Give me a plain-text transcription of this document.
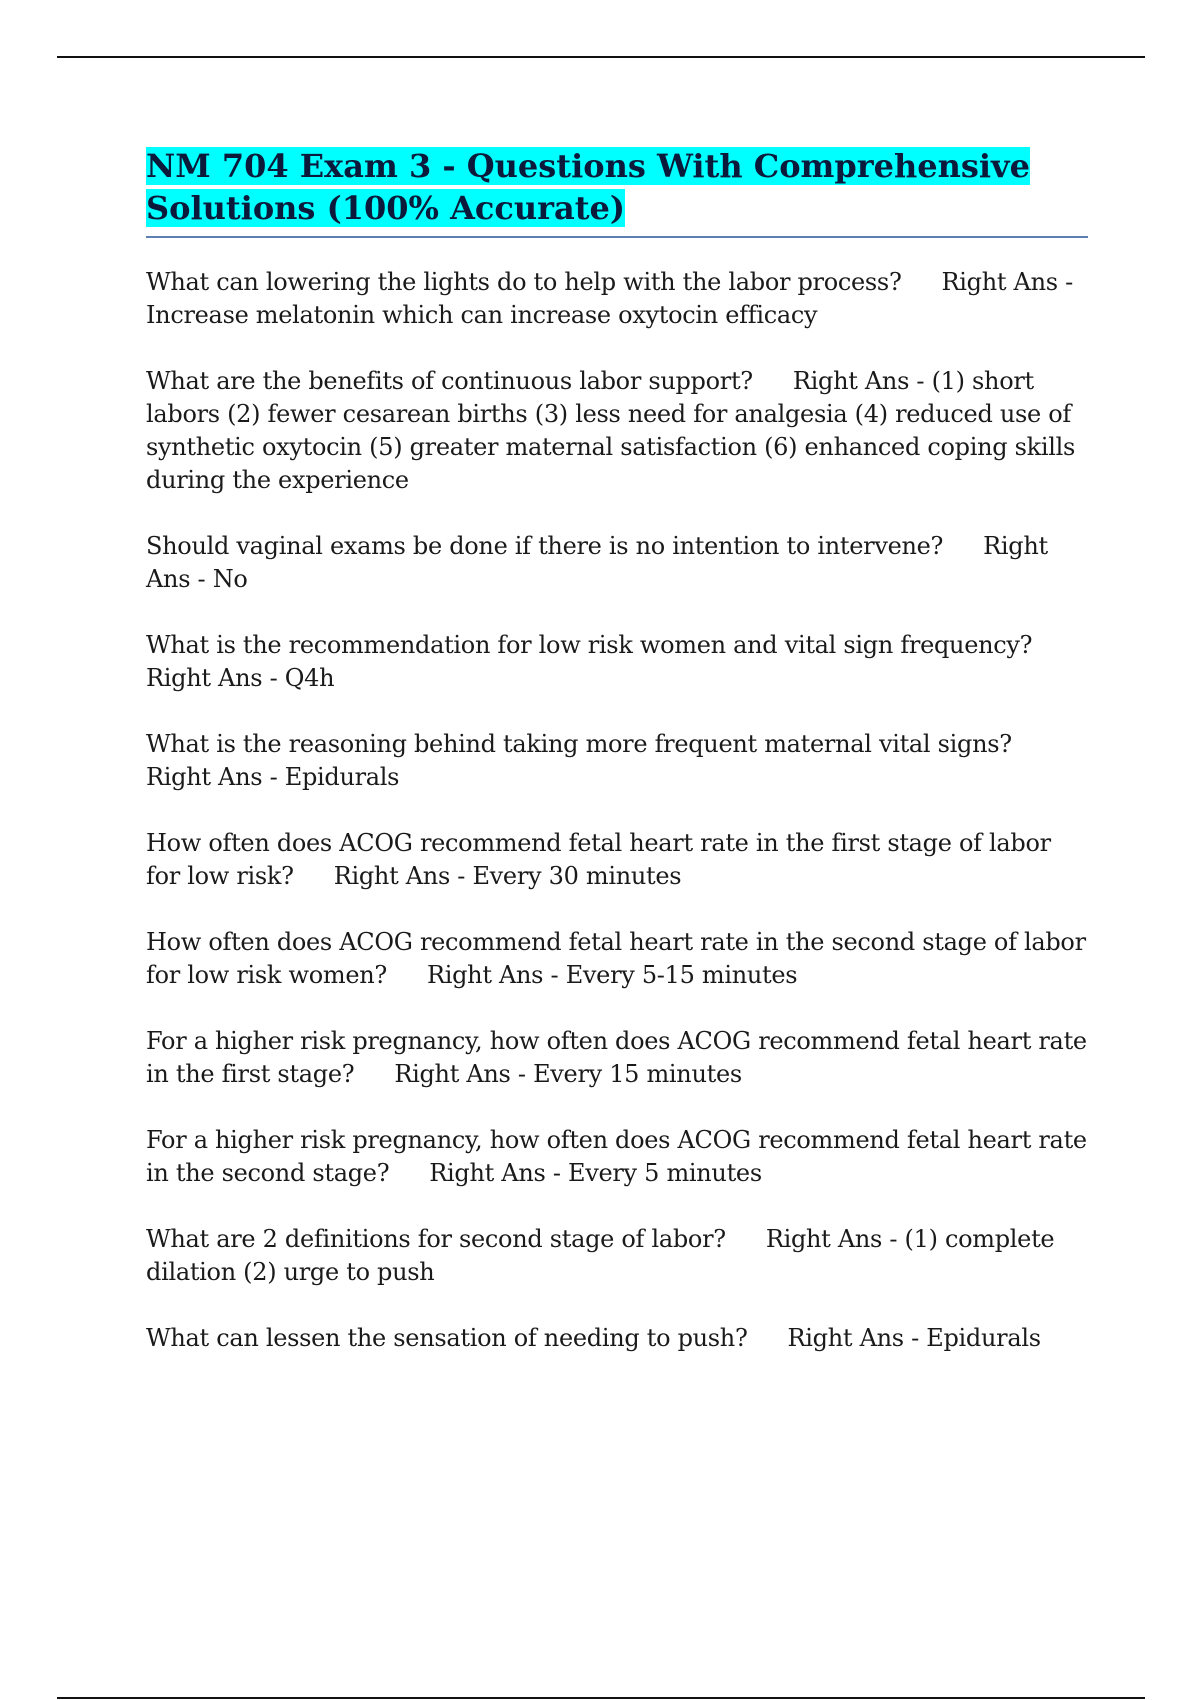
NM 704 Exam 3 - Questions With Comprehensive Solutions (100% Accurate)

What can lowering the lights do to help with the labor process? Right Ans - Increase melatonin which can increase oxytocin efficacy

What are the benefits of continuous labor support? Right Ans - (1) short labors (2) fewer cesarean births (3) less need for analgesia (4) reduced use of synthetic oxytocin (5) greater maternal satisfaction (6) enhanced coping skills during the experience

Should vaginal exams be done if there is no intention to intervene? Right Ans - No

What is the recommendation for low risk women and vital sign frequency?Right Ans - Q4h

What is the reasoning behind taking more frequent maternal vital signs?Right Ans - Epidurals

How often does ACOG recommend fetal heart rate in the first stage of labor for low risk? Right Ans - Every 30 minutes

How often does ACOG recommend fetal heart rate in the second stage of labor for low risk women? Right Ans - Every 5-15 minutes

For a higher risk pregnancy, how often does ACOG recommend fetal heart rate in the first stage? Right Ans - Every 15 minutes

For a higher risk pregnancy, how often does ACOG recommend fetal heart rate in the second stage? Right Ans - Every 5 minutes

What are 2 definitions for second stage of labor? Right Ans - (1) complete dilation (2) urge to push

What can lessen the sensation of needing to push? Right Ans - Epidurals
